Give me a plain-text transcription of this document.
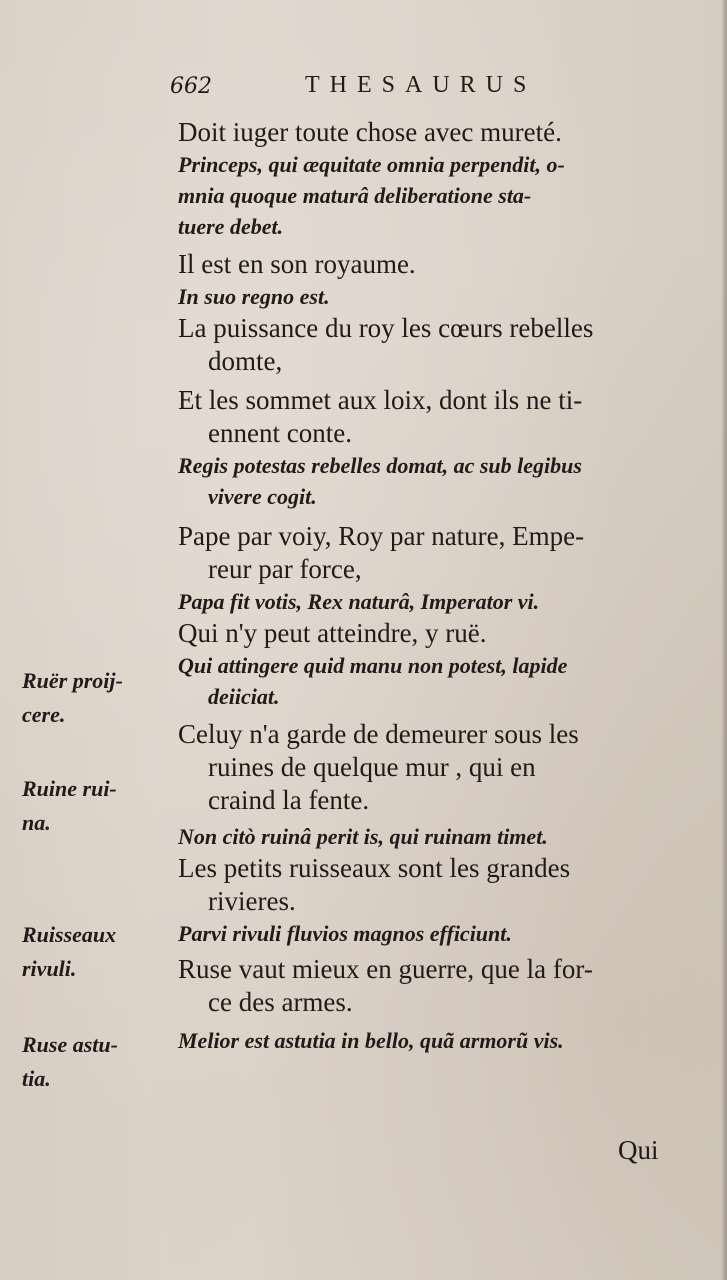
662	THESAURUS
Ruër proij-
cere.
Ruine rui-
na.
Ruisseaux
rivuli.
Ruse astu-
tia.
Doit iuger toute chose avec mureté.
Princeps, qui æquitate omnia perpendit, o-
mnia quoque maturâ deliberatione sta-
tuere debet.
Il est en son royaume.
In suo regno est.
La puissance du roy les cœurs rebelles
domte,
Et les sommet aux loix, dont ils ne ti-
ennent conte.
Regis potestas rebelles domat, ac sub legibus
vivere cogit.
Pape par voiy, Roy par nature, Empe-
reur par force,
Papa fit votis, Rex naturâ, Imperator vi.
Qui n'y peut atteindre, y ruë.
Qui attingere quid manu non potest, lapide
deiiciat.
Celuy n'a garde de demeurer sous les
ruines de quelque mur , qui en
craind la fente.
Non citò ruinâ perit is, qui ruinam timet.
Les petits ruisseaux sont les grandes
rivieres.
Parvi rivuli fluvios magnos efficiunt.
Ruse vaut mieux en guerre, que la for-
ce des armes.
Melior est astutia in bello, quã armorũ vis.
Qui
